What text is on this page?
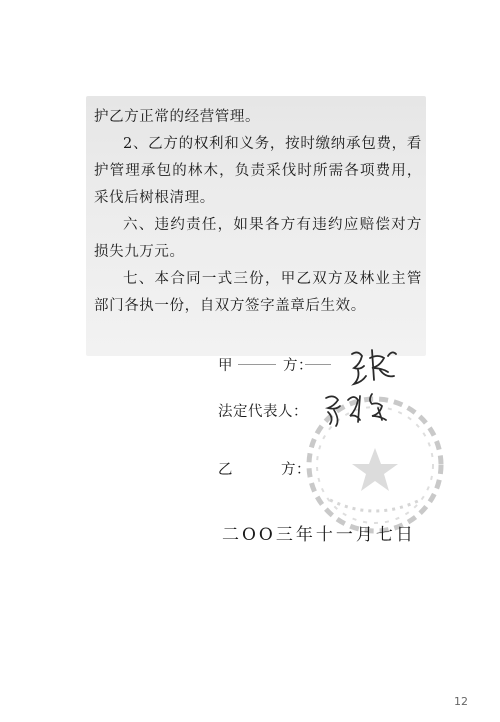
护乙方正常的经营管理。

2、乙方的权利和义务，按时缴纳承包费，看护管理承包的林木，负责采伐时所需各项费用，采伐后树根清理。

六、违约责任，如果各方有违约应赔偿对方损失九万元。

七、本合同一式三份，甲乙双方及林业主管部门各执一份，自双方签字盖章后生效。

甲	方：
法定代表人：
乙	方：
二OO三年十一月七日
12
